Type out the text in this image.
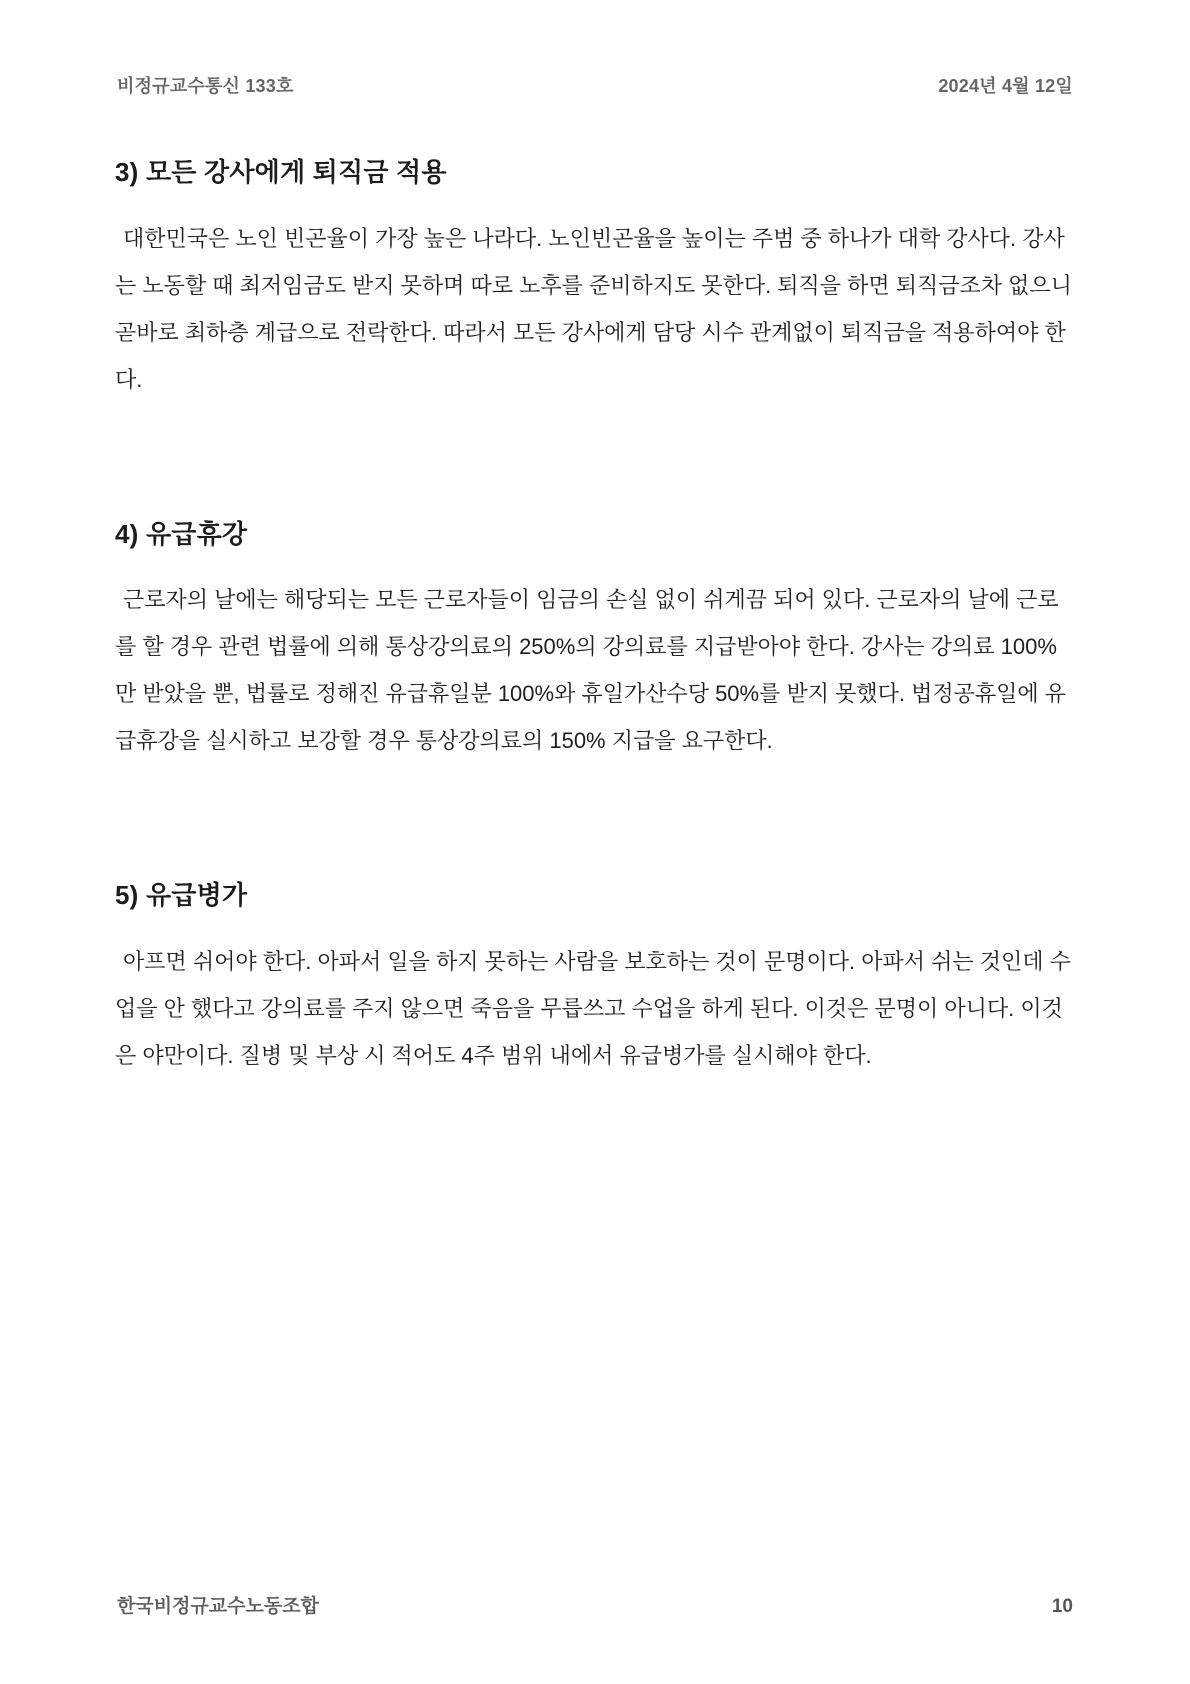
비정규교수통신 133호	2024년 4월 12일
3) 모든 강사에게 퇴직금 적용

대한민국은 노인 빈곤율이 가장 높은 나라다. 노인빈곤율을 높이는 주범 중 하나가 대학 강사다. 강사는 노동할 때 최저임금도 받지 못하며 따로 노후를 준비하지도 못한다. 퇴직을 하면 퇴직금조차 없으니 곧바로 최하층 계급으로 전락한다. 따라서 모든 강사에게 담당 시수 관계없이 퇴직금을 적용하여야 한다.

4) 유급휴강

근로자의 날에는 해당되는 모든 근로자들이 임금의 손실 없이 쉬게끔 되어 있다. 근로자의 날에 근로를 할 경우 관련 법률에 의해 통상강의료의 250%의 강의료를 지급받아야 한다. 강사는 강의료 100%만 받았을 뿐, 법률로 정해진 유급휴일분 100%와 휴일가산수당 50%를 받지 못했다. 법정공휴일에 유급휴강을 실시하고 보강할 경우 통상강의료의 150% 지급을 요구한다.

5) 유급병가

아프면 쉬어야 한다. 아파서 일을 하지 못하는 사람을 보호하는 것이 문명이다. 아파서 쉬는 것인데 수업을 안 했다고 강의료를 주지 않으면 죽음을 무릅쓰고 수업을 하게 된다. 이것은 문명이 아니다. 이것은 야만이다. 질병 및 부상 시 적어도 4주 범위 내에서 유급병가를 실시해야 한다.

한국비정규교수노동조합	10
